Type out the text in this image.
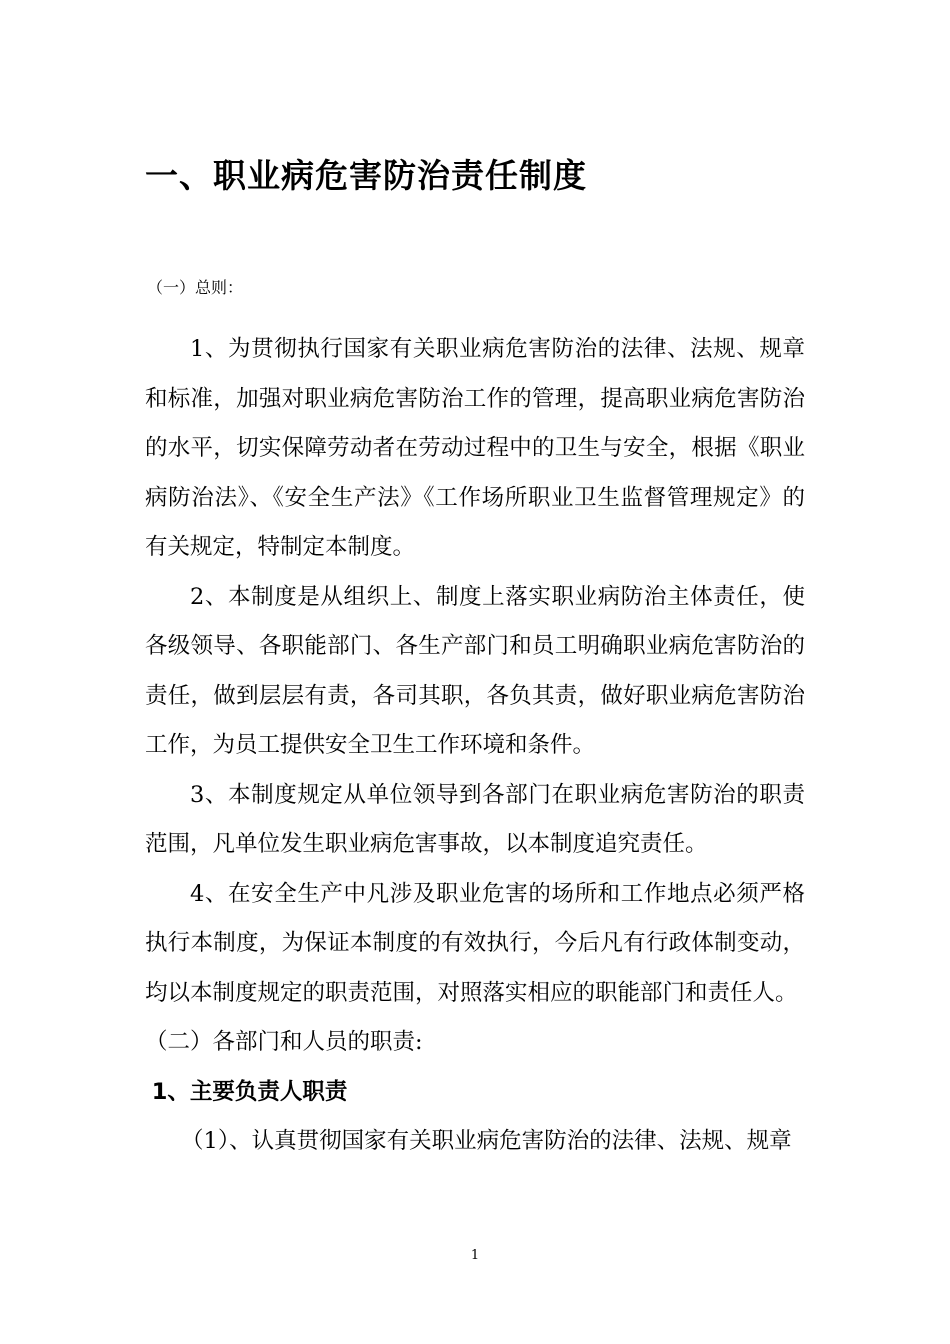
一、职业病危害防治责任制度
（一）总则：

1、为贯彻执行国家有关职业病危害防治的法律、法规、规章和标准，加强对职业病危害防治工作的管理，提高职业病危害防治的水平，切实保障劳动者在劳动过程中的卫生与安全，根据《职业病防治法》、《安全生产法》《工作场所职业卫生监督管理规定》的有关规定，特制定本制度。

2、本制度是从组织上、制度上落实职业病防治主体责任，使各级领导、各职能部门、各生产部门和员工明确职业病危害防治的责任，做到层层有责，各司其职，各负其责，做好职业病危害防治工作，为员工提供安全卫生工作环境和条件。

3、本制度规定从单位领导到各部门在职业病危害防治的职责范围，凡单位发生职业病危害事故，以本制度追究责任。

4、在安全生产中凡涉及职业危害的场所和工作地点必须严格执行本制度，为保证本制度的有效执行，今后凡有行政体制变动，均以本制度规定的职责范围，对照落实相应的职能部门和责任人。

（二）各部门和人员的职责:

1、主要负责人职责

（1）、认真贯彻国家有关职业病危害防治的法律、法规、规章

1
